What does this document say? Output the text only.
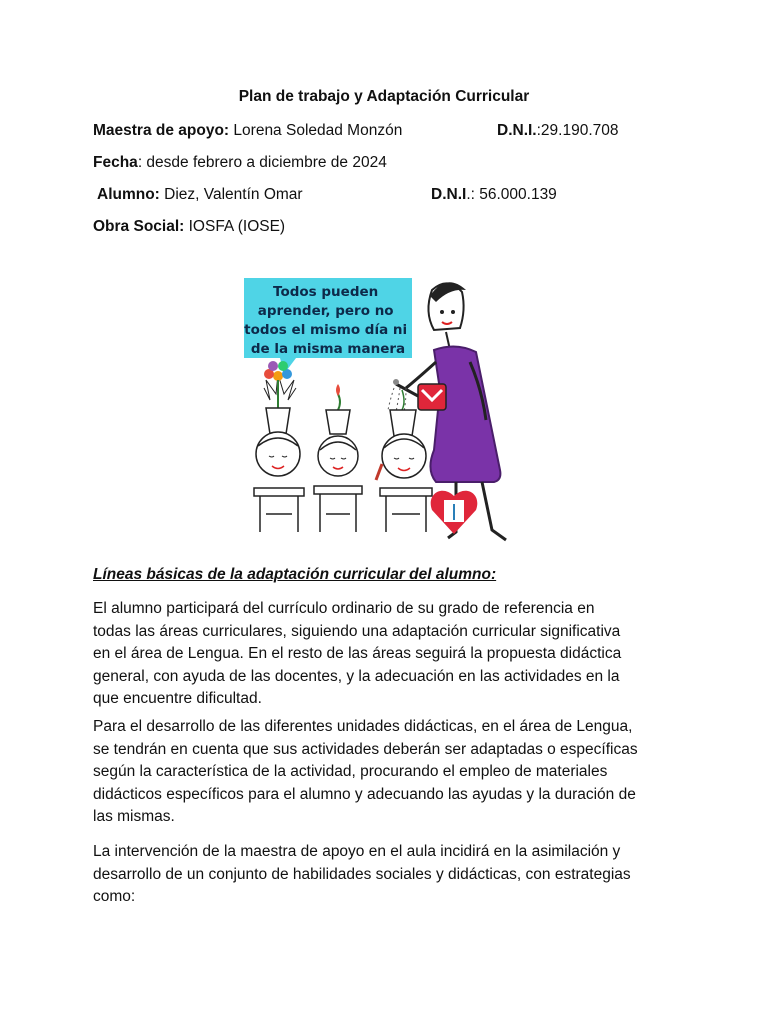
Plan de trabajo y Adaptación Curricular
Maestra de apoyo: Lorena Soledad Monzón	D.N.I.:29.190.708
Fecha: desde febrero a diciembre de 2024
Alumno: Diez, Valentín Omar	D.N.I.: 56.000.139
Obra Social: IOSFA (IOSE)
Todos pueden aprender, pero no todos el mismo día ni de la misma manera
Líneas básicas de la adaptación curricular del alumno:
El alumno participará del currículo ordinario de su grado de referencia en
todas las áreas curriculares, siguiendo una adaptación curricular significativa
en el área de Lengua. En el resto de las áreas seguirá la propuesta didáctica
general, con ayuda de las docentes, y la adecuación en las actividades en la
que encuentre dificultad.
Para el desarrollo de las diferentes unidades didácticas, en el área de Lengua,
se tendrán en cuenta que sus actividades deberán ser adaptadas o específicas
según la característica de la actividad, procurando el empleo de materiales
didácticos específicos para el alumno y adecuando las ayudas y la duración de
las mismas.
La intervención de la maestra de apoyo en el aula incidirá en la asimilación y
desarrollo de un conjunto de habilidades sociales y didácticas, con estrategias
como:
